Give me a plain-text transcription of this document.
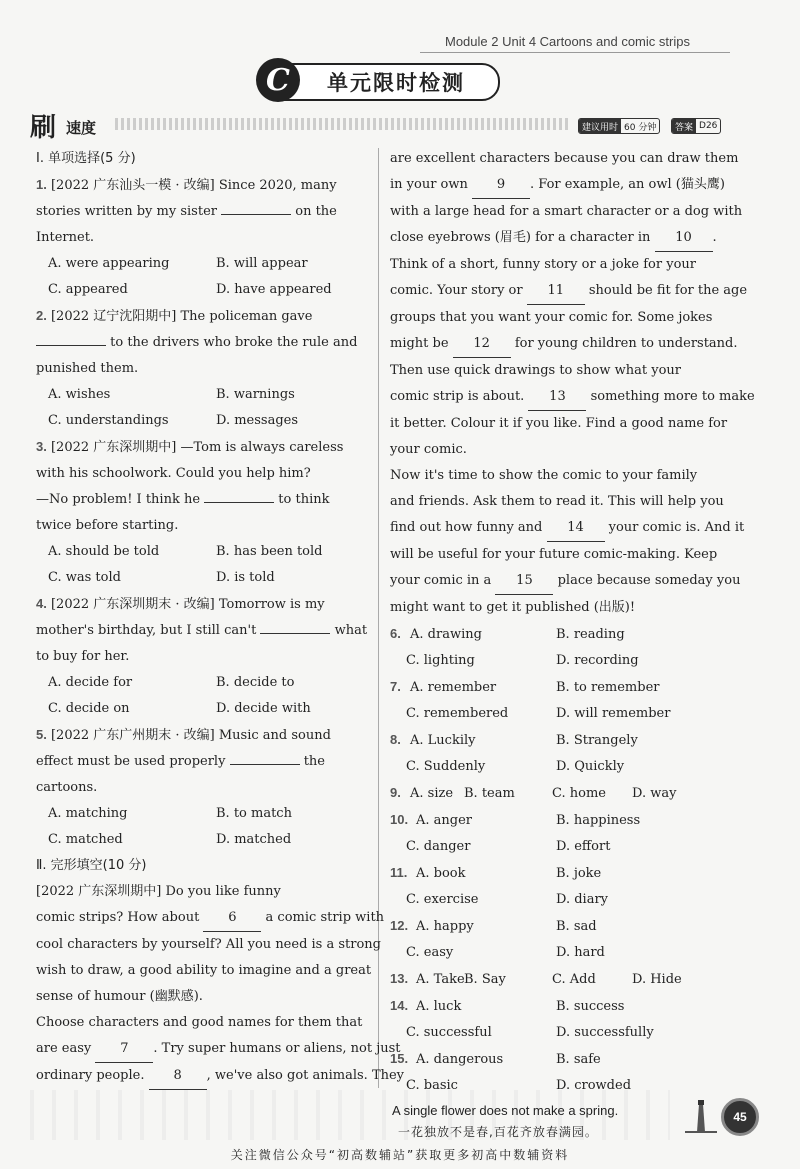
Module 2 Unit 4 Cartoons and comic strips
单元限时检测
C
刷 速度	建议用时 60 分钟	答案 D26
Ⅰ. 单项选择(5 分)
1. [2022 广东汕头一模 · 改编] Since 2020, many
stories written by my sister	on the
Internet.
A. were appearing	B. will appear
C. appeared	D. have appeared
2. [2022 辽宁沈阳期中] The policeman gave
to the drivers who broke the rule and
punished them.
A. wishes	B. warnings
C. understandings	D. messages
3. [2022 广东深圳期中] —Tom is always careless
with his schoolwork. Could you help him?
—No problem! I think he	to think
twice before starting.
A. should be told	B. has been told
C. was told	D. is told
4. [2022 广东深圳期末 · 改编] Tomorrow is my
mother's birthday, but I still can't	what
to buy for her.
A. decide for	B. decide to
C. decide on	D. decide with
5. [2022 广东广州期末 · 改编] Music and sound
effect must be used properly	the
cartoons.
A. matching	B. to match
C. matched	D. matched
Ⅱ. 完形填空(10 分)
[2022 广东深圳期中] Do you like funny
comic strips? How about 6 a comic strip with
cool characters by yourself? All you need is a strong
wish to draw, a good ability to imagine and a great
sense of humour (幽默感).
Choose characters and good names for them that
are easy 7 . Try super humans or aliens, not just
ordinary people. 8 , we've also got animals. They
are excellent characters because you can draw them
in your own 9 . For example, an owl (猫头鹰)
with a large head for a smart character or a dog with
close eyebrows (眉毛) for a character in 10 .
Think of a short, funny story or a joke for your
comic. Your story or 11 should be fit for the age
groups that you want your comic for. Some jokes
might be 12 for young children to understand.
Then use quick drawings to show what your
comic strip is about. 13 something more to make
it better. Colour it if you like. Find a good name for
your comic.
Now it's time to show the comic to your family
and friends. Ask them to read it. This will help you
find out how funny and 14 your comic is. And it
will be useful for your future comic-making. Keep
your comic in a 15 place because someday you
might want to get it published (出版)!
6. A. drawing	B. reading
C. lighting	D. recording
7. A. remember	B. to remember
C. remembered	D. will remember
8. A. Luckily	B. Strangely
C. Suddenly	D. Quickly
9. A. size B. team	C. home D. way
10. A. anger	B. happiness
C. danger	D. effort
11. A. book	B. joke
C. exercise	D. diary
12. A. happy	B. sad
C. easy	D. hard
13. A. TakeB. Say	C. Add	D. Hide
14. A. luck	B. success
C. successful	D. successfully
15. A. dangerous	B. safe
C. basic	D. crowded
A single flower does not make a spring.
一花独放不是春,百花齐放春满园。
45
关注微信公众号“初高数辅站”获取更多初高中数辅资料
